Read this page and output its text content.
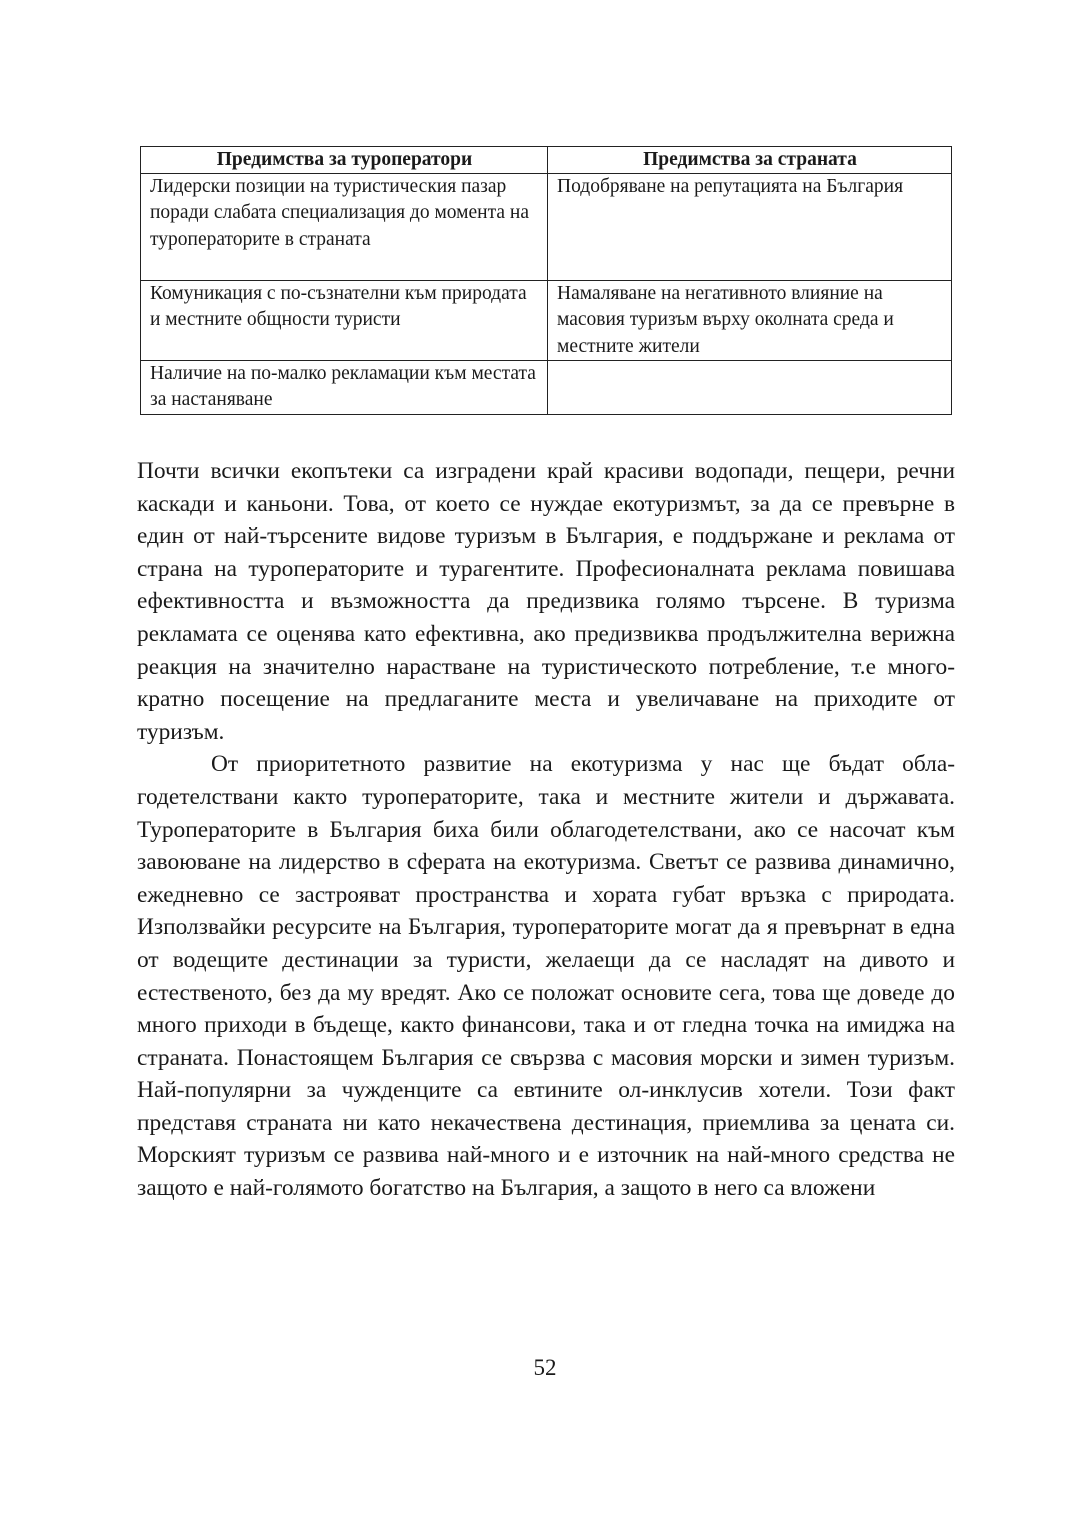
Предимства за туроператори	Предимства за страната
Лидерски позиции на туристическия пазар поради слабата специализация до момента на туроператорите в страната	Подобряване на репутацията на България
Комуникация с по-съзнателни към природата и местните общности туристи	Намаляване на негативното влияние на масовия туризъм върху околната среда и местните жители
Наличие на по-малко рекламации към местата за настаняване	

Почти всички екопътеки са изградени край красиви водопади, пещери, речни каскади и каньони. Това, от което се нуждае екотуризмът, за да се превърне в един от най-търсените видове туризъм в България, е поддържане и реклама от страна на туроператорите и турагентите. Професионалната реклама повишава ефективността и възможността да предизвика голямо търсене. В туризма рекламата се оценява като ефективна, ако предизвиква продължителна верижна реакция на значително нарастване на туристическото потребление, т.е многократно посещение на предлаганите места и увеличаване на приходите от туризъм.

От приоритетното развитие на екотуризма у нас ще бъдат облагодетелствани както туроператорите, така и местните жители и държавата. Туроператорите в България биха били облагодетелствани, ако се насочат към завоюване на лидерство в сферата на екотуризма. Светът се развива динамично, ежедневно се застрояват пространства и хората губат връзка с природата. Използвайки ресурсите на България, туроператорите могат да я превърнат в една от водещите дестинации за туристи, желаещи да се насладят на дивото и естественото, без да му вредят. Ако се положат основите сега, това ще доведе до много приходи в бъдеще, както финансови, така и от гледна точка на имиджа на страната. Понастоящем България се свързва с масовия морски и зимен туризъм. Най-популярни за чужденците са евтините ол-инклусив хотели. Този факт представя страната ни като некачествена дестинация, приемлива за цената си. Морският туризъм се развива най-много и е източник на най-много средства не защото е най-голямото богатство на България, а защото в него са вложени

52
